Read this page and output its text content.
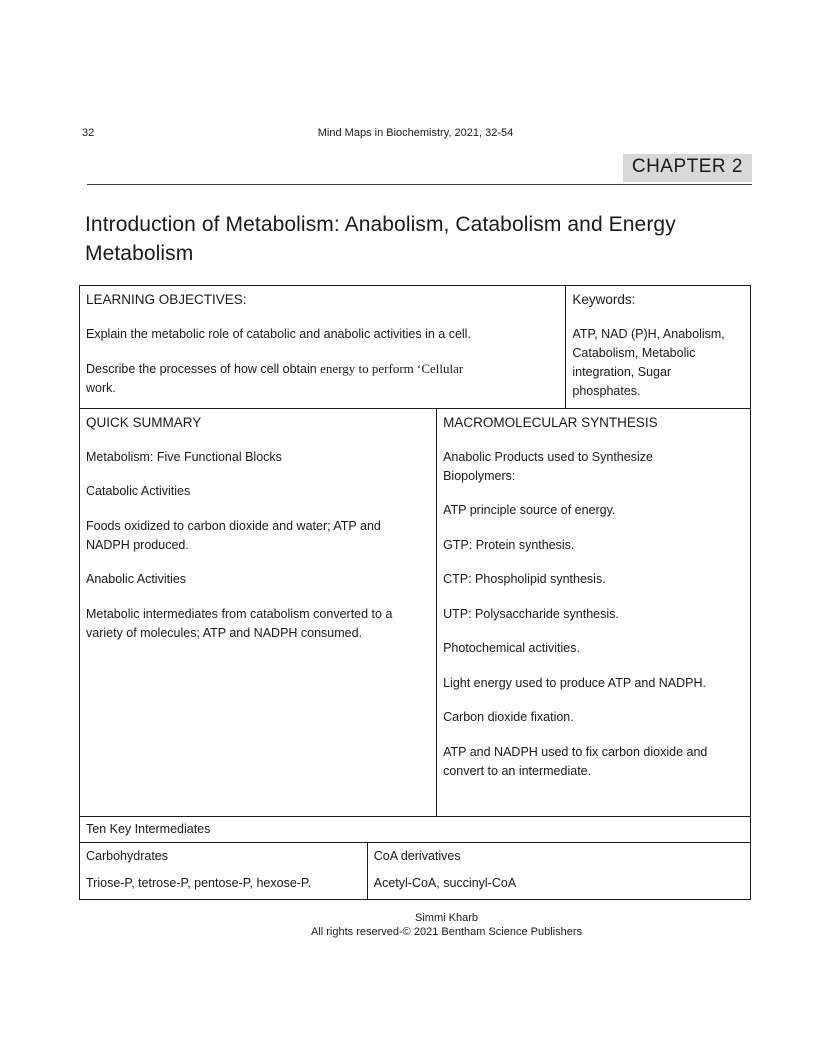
32	Mind Maps in Biochemistry, 2021, 32-54
CHAPTER 2
Introduction of Metabolism: Anabolism, Catabolism and Energy Metabolism

LEARNING OBJECTIVES:

Explain the metabolic role of catabolic and anabolic activities in a cell.

Describe the processes of how cell obtain energy to perform ‘Cellular
work.

Keywords:

ATP, NAD (P)H, Anabolism, Catabolism, Metabolic integration, Sugar phosphates.

QUICK SUMMARY

Metabolism: Five Functional Blocks

Catabolic Activities

Foods oxidized to carbon dioxide and water; ATP and NADPH produced.

Anabolic Activities

Metabolic intermediates from catabolism converted to a variety of molecules; ATP and NADPH consumed.

MACROMOLECULAR SYNTHESIS

Anabolic Products used to Synthesize Biopolymers:

ATP principle source of energy.

GTP: Protein synthesis.

CTP: Phospholipid synthesis.

UTP: Polysaccharide synthesis.

Photochemical activities.

Light energy used to produce ATP and NADPH.

Carbon dioxide fixation.

ATP and NADPH used to fix carbon dioxide and convert to an intermediate.

Ten Key Intermediates

Carbohydrates

Triose-P, tetrose-P, pentose-P, hexose-P.

CoA derivatives

Acetyl-CoA, succinyl-CoA

Simmi Kharb
All rights reserved-© 2021 Bentham Science Publishers
